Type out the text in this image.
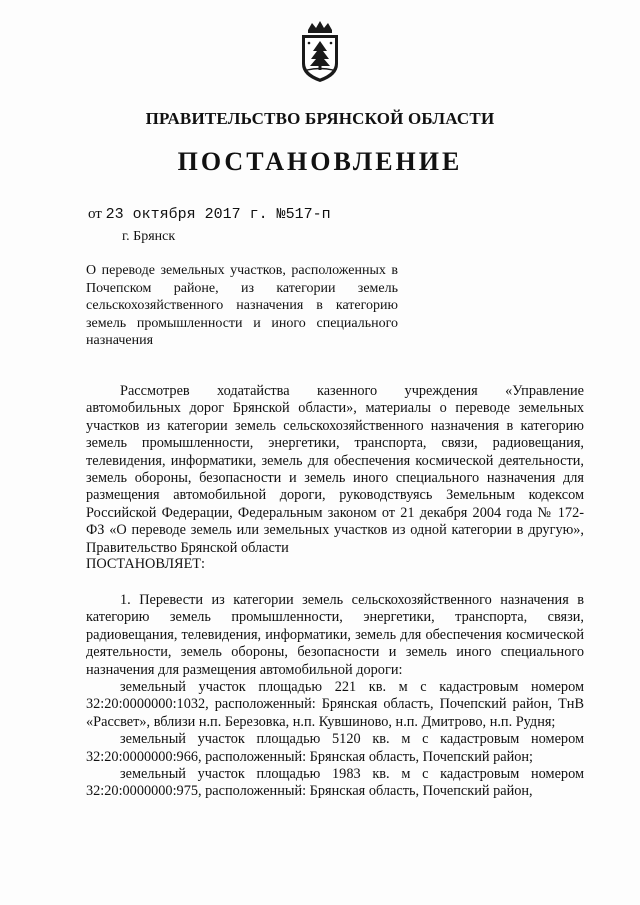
ПРАВИТЕЛЬСТВО БРЯНСКОЙ ОБЛАСТИ
ПОСТАНОВЛЕНИЕ
от 23 октября 2017 г. №517-п
г. Брянск
О переводе земельных участков, расположенных в Почепском районе, из категории земель сельскохозяйственного назначения в категорию земель промышленности и иного специального назначения

Рассмотрев ходатайства казенного учреждения «Управление автомобильных дорог Брянской области», материалы о переводе земельных участков из категории земель сельскохозяйственного назначения в категорию земель промышленности, энергетики, транспорта, связи, радиовещания, телевидения, информатики, земель для обеспечения космической деятельности, земель обороны, безопасности и земель иного специального назначения для размещения автомобильной дороги, руководствуясь Земельным кодексом Российской Федерации, Федеральным законом от 21 декабря 2004 года № 172-ФЗ «О переводе земель или земельных участков из одной категории в другую», Правительство Брянской области

ПОСТАНОВЛЯЕТ:

1. Перевести из категории земель сельскохозяйственного назначения в категорию земель промышленности, энергетики, транспорта, связи, радиовещания, телевидения, информатики, земель для обеспечения космической деятельности, земель обороны, безопасности и земель иного специального назначения для размещения автомобильной дороги:

земельный участок площадью 221 кв. м с кадастровым номером 32:20:0000000:1032, расположенный: Брянская область, Почепский район, ТнВ «Рассвет», вблизи н.п. Березовка, н.п. Кувшиново, н.п. Дмитрово, н.п. Рудня;

земельный участок площадью 5120 кв. м с кадастровым номером 32:20:0000000:966, расположенный: Брянская область, Почепский район;

земельный участок площадью 1983 кв. м с кадастровым номером 32:20:0000000:975, расположенный: Брянская область, Почепский район,
